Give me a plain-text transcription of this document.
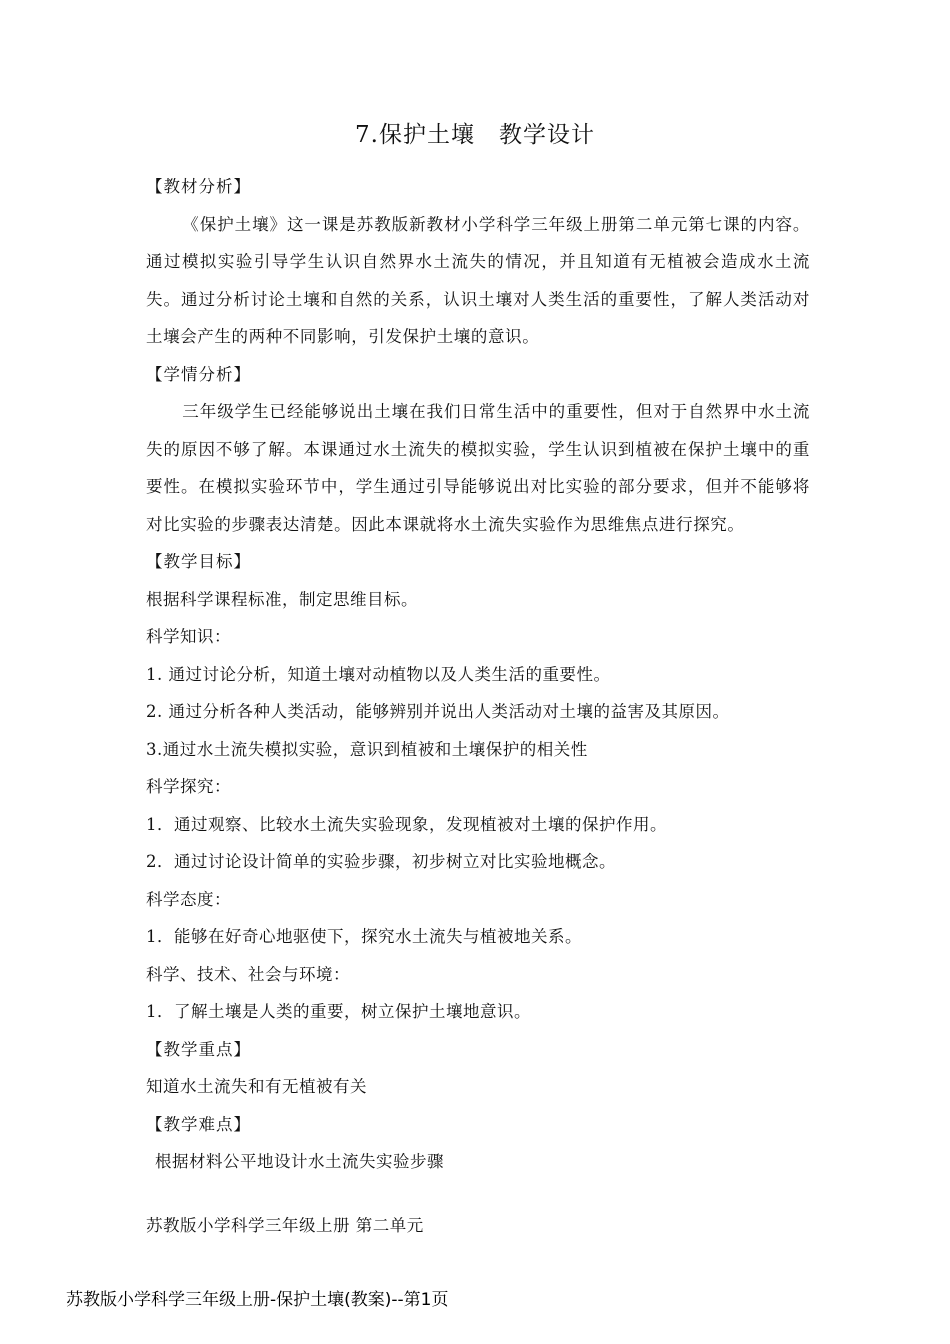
7.保护土壤　教学设计

【教材分析】

《保护土壤》这一课是苏教版新教材小学科学三年级上册第二单元第七课的内容。通过模拟实验引导学生认识自然界水土流失的情况，并且知道有无植被会造成水土流失。通过分析讨论土壤和自然的关系，认识土壤对人类生活的重要性，了解人类活动对土壤会产生的两种不同影响，引发保护土壤的意识。

【学情分析】

三年级学生已经能够说出土壤在我们日常生活中的重要性，但对于自然界中水土流失的原因不够了解。本课通过水土流失的模拟实验，学生认识到植被在保护土壤中的重要性。在模拟实验环节中，学生通过引导能够说出对比实验的部分要求，但并不能够将对比实验的步骤表达清楚。因此本课就将水土流失实验作为思维焦点进行探究。

【教学目标】

根据科学课程标准，制定思维目标。

科学知识：

1. 通过讨论分析，知道土壤对动植物以及人类生活的重要性。

2. 通过分析各种人类活动，能够辨别并说出人类活动对土壤的益害及其原因。

3.通过水土流失模拟实验，意识到植被和土壤保护的相关性

科学探究：

1．通过观察、比较水土流失实验现象，发现植被对土壤的保护作用。

2．通过讨论设计简单的实验步骤，初步树立对比实验地概念。

科学态度：

1．能够在好奇心地驱使下，探究水土流失与植被地关系。

科学、技术、社会与环境：

1．了解土壤是人类的重要，树立保护土壤地意识。

【教学重点】

知道水土流失和有无植被有关

【教学难点】

根据材料公平地设计水土流失实验步骤

苏教版小学科学三年级上册 第二单元

苏教版小学科学三年级上册-保护土壤(教案)--第1页
